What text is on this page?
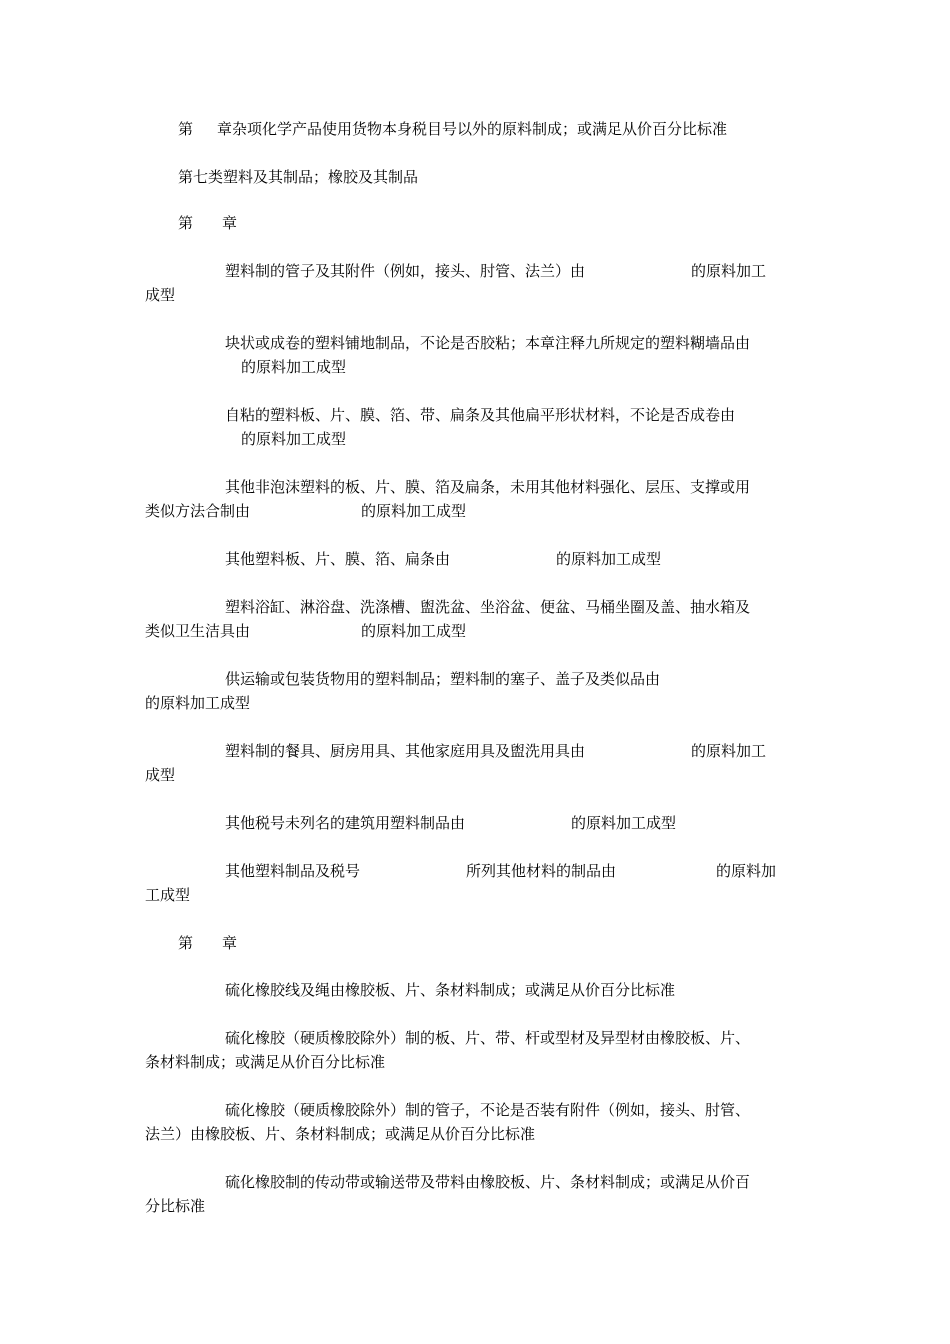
第 章杂项化学产品使用货物本身税目号以外的原料制成；或满足从价百分比标准
第七类塑料及其制品；橡胶及其制品
第 章
塑料制的管子及其附件（例如，接头、肘管、法兰）由	的原料加工
成型
块状或成卷的塑料铺地制品，不论是否胶粘；本章注释九所规定的塑料糊墙品由
的原料加工成型
自粘的塑料板、片、膜、箔、带、扁条及其他扁平形状材料，不论是否成卷由
的原料加工成型
其他非泡沫塑料的板、片、膜、箔及扁条，未用其他材料强化、层压、支撑或用
类似方法合制由	的原料加工成型
其他塑料板、片、膜、箔、扁条由	的原料加工成型
塑料浴缸、淋浴盘、洗涤槽、盥洗盆、坐浴盆、便盆、马桶坐圈及盖、抽水箱及
类似卫生洁具由	的原料加工成型
供运输或包装货物用的塑料制品；塑料制的塞子、盖子及类似品由
的原料加工成型
塑料制的餐具、厨房用具、其他家庭用具及盥洗用具由	的原料加工
成型
其他税号未列名的建筑用塑料制品由	的原料加工成型
其他塑料制品及税号	所列其他材料的制品由	的原料加
工成型
第 章
硫化橡胶线及绳由橡胶板、片、条材料制成；或满足从价百分比标准
硫化橡胶（硬质橡胶除外）制的板、片、带、杆或型材及异型材由橡胶板、片、
条材料制成；或满足从价百分比标准
硫化橡胶（硬质橡胶除外）制的管子，不论是否装有附件（例如，接头、肘管、
法兰）由橡胶板、片、条材料制成；或满足从价百分比标准
硫化橡胶制的传动带或输送带及带料由橡胶板、片、条材料制成；或满足从价百
分比标准
